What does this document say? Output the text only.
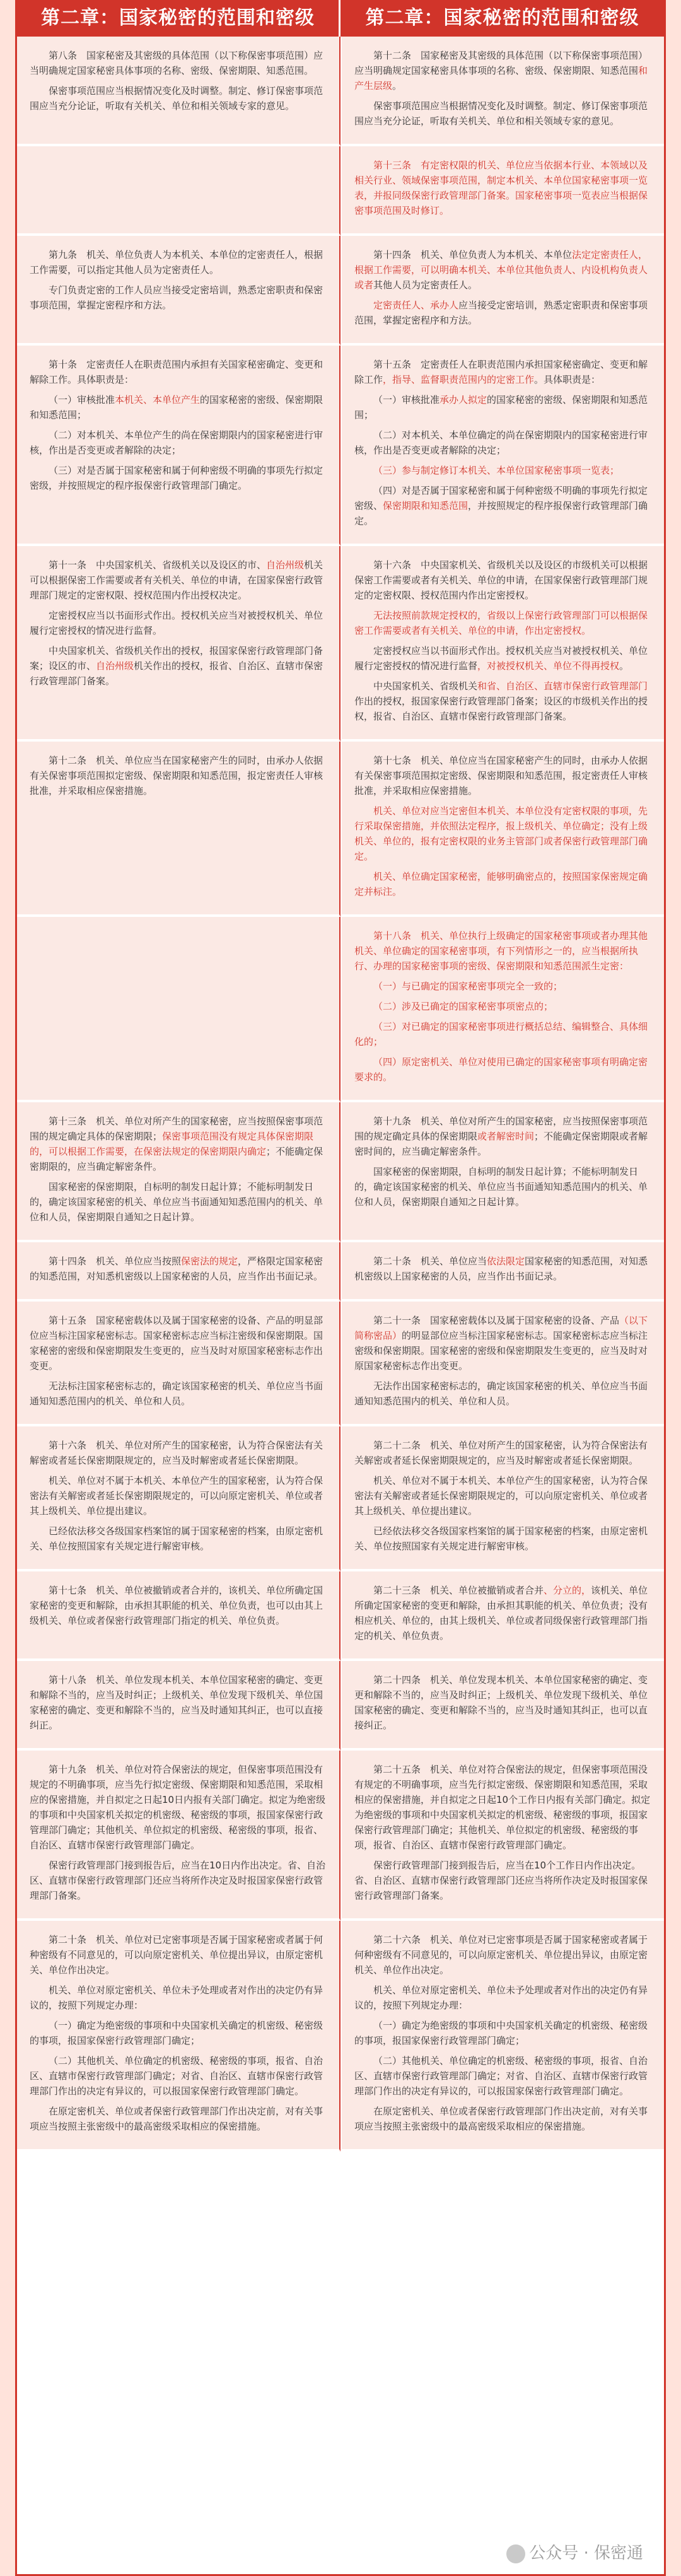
第二章：国家秘密的范围和密级	第二章：国家秘密的范围和密级

第八条　国家秘密及其密级的具体范围（以下称保密事项范围）应当明确规定国家秘密具体事项的名称、密级、保密期限、知悉范围。

保密事项范围应当根据情况变化及时调整。制定、修订保密事项范围应当充分论证，听取有关机关、单位和相关领域专家的意见。

第十二条　国家秘密及其密级的具体范围（以下称保密事项范围）应当明确规定国家秘密具体事项的名称、密级、保密期限、知悉范围和产生层级。

保密事项范围应当根据情况变化及时调整。制定、修订保密事项范围应当充分论证，听取有关机关、单位和相关领域专家的意见。

第十三条　有定密权限的机关、单位应当依据本行业、本领域以及相关行业、领域保密事项范围，制定本机关、本单位国家秘密事项一览表，并报同级保密行政管理部门备案。国家秘密事项一览表应当根据保密事项范围及时修订。

第九条　机关、单位负责人为本机关、本单位的定密责任人，根据工作需要，可以指定其他人员为定密责任人。

专门负责定密的工作人员应当接受定密培训，熟悉定密职责和保密事项范围，掌握定密程序和方法。

第十四条　机关、单位负责人为本机关、本单位法定定密责任人，根据工作需要，可以明确本机关、本单位其他负责人、内设机构负责人或者其他人员为定密责任人。

定密责任人、承办人应当接受定密培训，熟悉定密职责和保密事项范围，掌握定密程序和方法。

第十条　定密责任人在职责范围内承担有关国家秘密确定、变更和解除工作。具体职责是：

（一）审核批准本机关、本单位产生的国家秘密的密级、保密期限和知悉范围；

（二）对本机关、本单位产生的尚在保密期限内的国家秘密进行审核，作出是否变更或者解除的决定；

（三）对是否属于国家秘密和属于何种密级不明确的事项先行拟定密级，并按照规定的程序报保密行政管理部门确定。

第十五条　定密责任人在职责范围内承担国家秘密确定、变更和解除工作，指导、监督职责范围内的定密工作。具体职责是：

（一）审核批准承办人拟定的国家秘密的密级、保密期限和知悉范围；

（二）对本机关、本单位确定的尚在保密期限内的国家秘密进行审核，作出是否变更或者解除的决定；

（三）参与制定修订本机关、本单位国家秘密事项一览表；

（四）对是否属于国家秘密和属于何种密级不明确的事项先行拟定密级、保密期限和知悉范围，并按照规定的程序报保密行政管理部门确定。

第十一条　中央国家机关、省级机关以及设区的市、自治州级机关可以根据保密工作需要或者有关机关、单位的申请，在国家保密行政管理部门规定的定密权限、授权范围内作出授权决定。

定密授权应当以书面形式作出。授权机关应当对被授权机关、单位履行定密授权的情况进行监督。

中央国家机关、省级机关作出的授权，报国家保密行政管理部门备案；设区的市、自治州级机关作出的授权，报省、自治区、直辖市保密行政管理部门备案。

第十六条　中央国家机关、省级机关以及设区的市级机关可以根据保密工作需要或者有关机关、单位的申请，在国家保密行政管理部门规定的定密权限、授权范围内作出定密授权。

无法按照前款规定授权的，省级以上保密行政管理部门可以根据保密工作需要或者有关机关、单位的申请，作出定密授权。

定密授权应当以书面形式作出。授权机关应当对被授权机关、单位履行定密授权的情况进行监督，对被授权机关、单位不得再授权。

中央国家机关、省级机关和省、自治区、直辖市保密行政管理部门作出的授权，报国家保密行政管理部门备案；设区的市级机关作出的授权，报省、自治区、直辖市保密行政管理部门备案。

第十二条　机关、单位应当在国家秘密产生的同时，由承办人依据有关保密事项范围拟定密级、保密期限和知悉范围，报定密责任人审核批准，并采取相应保密措施。

第十七条　机关、单位应当在国家秘密产生的同时，由承办人依据有关保密事项范围拟定密级、保密期限和知悉范围，报定密责任人审核批准，并采取相应保密措施。

机关、单位对应当定密但本机关、本单位没有定密权限的事项，先行采取保密措施，并依照法定程序，报上级机关、单位确定；没有上级机关、单位的，报有定密权限的业务主管部门或者保密行政管理部门确定。

机关、单位确定国家秘密，能够明确密点的，按照国家保密规定确定并标注。

第十八条　机关、单位执行上级确定的国家秘密事项或者办理其他机关、单位确定的国家秘密事项，有下列情形之一的，应当根据所执行、办理的国家秘密事项的密级、保密期限和知悉范围派生定密：

（一）与已确定的国家秘密事项完全一致的；

（二）涉及已确定的国家秘密事项密点的；

（三）对已确定的国家秘密事项进行概括总结、编辑整合、具体细化的；

（四）原定密机关、单位对使用已确定的国家秘密事项有明确定密要求的。

第十三条　机关、单位对所产生的国家秘密，应当按照保密事项范围的规定确定具体的保密期限；保密事项范围没有规定具体保密期限的，可以根据工作需要，在保密法规定的保密期限内确定；不能确定保密期限的，应当确定解密条件。

国家秘密的保密期限，自标明的制发日起计算；不能标明制发日的，确定该国家秘密的机关、单位应当书面通知知悉范围内的机关、单位和人员，保密期限自通知之日起计算。

第十九条　机关、单位对所产生的国家秘密，应当按照保密事项范围的规定确定具体的保密期限或者解密时间；不能确定保密期限或者解密时间的，应当确定解密条件。

国家秘密的保密期限，自标明的制发日起计算；不能标明制发日的，确定该国家秘密的机关、单位应当书面通知知悉范围内的机关、单位和人员，保密期限自通知之日起计算。

第十四条　机关、单位应当按照保密法的规定，严格限定国家秘密的知悉范围，对知悉机密级以上国家秘密的人员，应当作出书面记录。

第二十条　机关、单位应当依法限定国家秘密的知悉范围，对知悉机密级以上国家秘密的人员，应当作出书面记录。

第十五条　国家秘密载体以及属于国家秘密的设备、产品的明显部位应当标注国家秘密标志。国家秘密标志应当标注密级和保密期限。国家秘密的密级和保密期限发生变更的，应当及时对原国家秘密标志作出变更。

无法标注国家秘密标志的，确定该国家秘密的机关、单位应当书面通知知悉范围内的机关、单位和人员。

第二十一条　国家秘密载体以及属于国家秘密的设备、产品（以下简称密品）的明显部位应当标注国家秘密标志。国家秘密标志应当标注密级和保密期限。国家秘密的密级和保密期限发生变更的，应当及时对原国家秘密标志作出变更。

无法作出国家秘密标志的，确定该国家秘密的机关、单位应当书面通知知悉范围内的机关、单位和人员。

第十六条　机关、单位对所产生的国家秘密，认为符合保密法有关解密或者延长保密期限规定的，应当及时解密或者延长保密期限。

机关、单位对不属于本机关、本单位产生的国家秘密，认为符合保密法有关解密或者延长保密期限规定的，可以向原定密机关、单位或者其上级机关、单位提出建议。

已经依法移交各级国家档案馆的属于国家秘密的档案，由原定密机关、单位按照国家有关规定进行解密审核。

第二十二条　机关、单位对所产生的国家秘密，认为符合保密法有关解密或者延长保密期限规定的，应当及时解密或者延长保密期限。

机关、单位对不属于本机关、本单位产生的国家秘密，认为符合保密法有关解密或者延长保密期限规定的，可以向原定密机关、单位或者其上级机关、单位提出建议。

已经依法移交各级国家档案馆的属于国家秘密的档案，由原定密机关、单位按照国家有关规定进行解密审核。

第十七条　机关、单位被撤销或者合并的，该机关、单位所确定国家秘密的变更和解除，由承担其职能的机关、单位负责，也可以由其上级机关、单位或者保密行政管理部门指定的机关、单位负责。

第二十三条　机关、单位被撤销或者合并、分立的，该机关、单位所确定国家秘密的变更和解除，由承担其职能的机关、单位负责；没有相应机关、单位的，由其上级机关、单位或者同级保密行政管理部门指定的机关、单位负责。

第十八条　机关、单位发现本机关、本单位国家秘密的确定、变更和解除不当的，应当及时纠正；上级机关、单位发现下级机关、单位国家秘密的确定、变更和解除不当的，应当及时通知其纠正，也可以直接纠正。

第二十四条　机关、单位发现本机关、本单位国家秘密的确定、变更和解除不当的，应当及时纠正；上级机关、单位发现下级机关、单位国家秘密的确定、变更和解除不当的，应当及时通知其纠正，也可以直接纠正。

第十九条　机关、单位对符合保密法的规定，但保密事项范围没有规定的不明确事项，应当先行拟定密级、保密期限和知悉范围，采取相应的保密措施，并自拟定之日起10日内报有关部门确定。拟定为绝密级的事项和中央国家机关拟定的机密级、秘密级的事项，报国家保密行政管理部门确定；其他机关、单位拟定的机密级、秘密级的事项，报省、自治区、直辖市保密行政管理部门确定。

保密行政管理部门接到报告后，应当在10日内作出决定。省、自治区、直辖市保密行政管理部门还应当将所作决定及时报国家保密行政管理部门备案。

第二十五条　机关、单位对符合保密法的规定，但保密事项范围没有规定的不明确事项，应当先行拟定密级、保密期限和知悉范围，采取相应的保密措施，并自拟定之日起10个工作日内报有关部门确定。拟定为绝密级的事项和中央国家机关拟定的机密级、秘密级的事项，报国家保密行政管理部门确定；其他机关、单位拟定的机密级、秘密级的事项，报省、自治区、直辖市保密行政管理部门确定。

保密行政管理部门接到报告后，应当在10个工作日内作出决定。省、自治区、直辖市保密行政管理部门还应当将所作决定及时报国家保密行政管理部门备案。

第二十条　机关、单位对已定密事项是否属于国家秘密或者属于何种密级有不同意见的，可以向原定密机关、单位提出异议，由原定密机关、单位作出决定。

机关、单位对原定密机关、单位未予处理或者对作出的决定仍有异议的，按照下列规定办理：

（一）确定为绝密级的事项和中央国家机关确定的机密级、秘密级的事项，报国家保密行政管理部门确定；

（二）其他机关、单位确定的机密级、秘密级的事项，报省、自治区、直辖市保密行政管理部门确定；对省、自治区、直辖市保密行政管理部门作出的决定有异议的，可以报国家保密行政管理部门确定。

在原定密机关、单位或者保密行政管理部门作出决定前，对有关事项应当按照主张密级中的最高密级采取相应的保密措施。

第二十六条　机关、单位对已定密事项是否属于国家秘密或者属于何种密级有不同意见的，可以向原定密机关、单位提出异议，由原定密机关、单位作出决定。

机关、单位对原定密机关、单位未予处理或者对作出的决定仍有异议的，按照下列规定办理：

（一）确定为绝密级的事项和中央国家机关确定的机密级、秘密级的事项，报国家保密行政管理部门确定；

（二）其他机关、单位确定的机密级、秘密级的事项，报省、自治区、直辖市保密行政管理部门确定；对省、自治区、直辖市保密行政管理部门作出的决定有异议的，可以报国家保密行政管理部门确定。

在原定密机关、单位或者保密行政管理部门作出决定前，对有关事项应当按照主张密级中的最高密级采取相应的保密措施。

公众号 · 保密通
